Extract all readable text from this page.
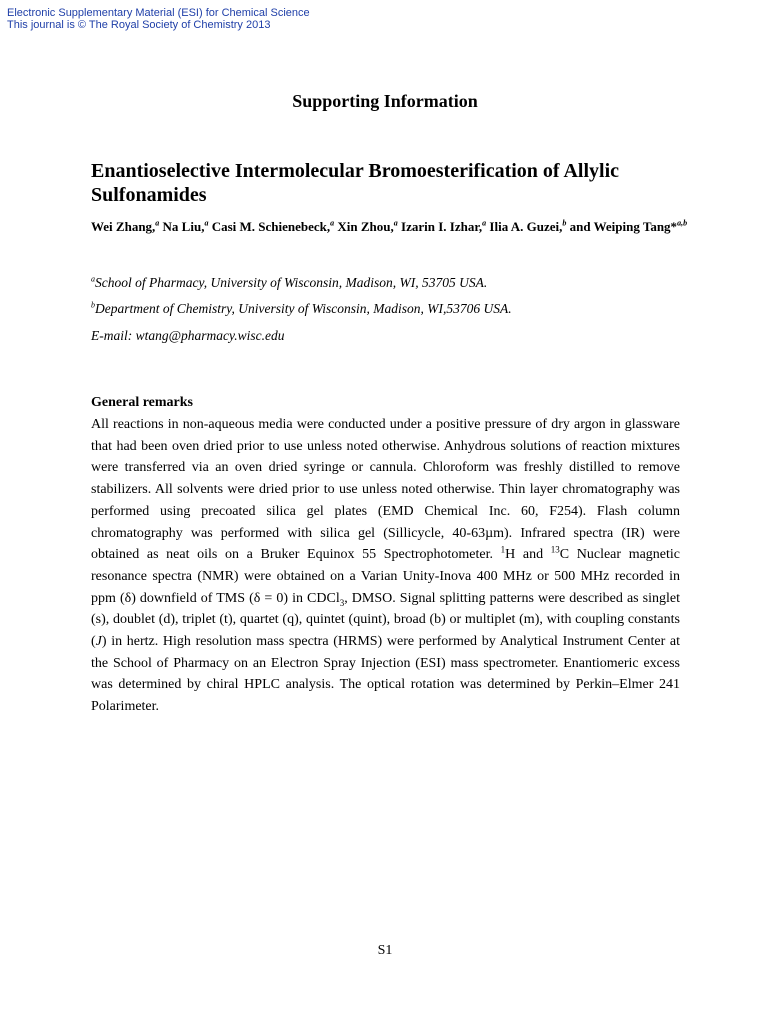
Electronic Supplementary Material (ESI) for Chemical Science
This journal is © The Royal Society of Chemistry 2013
Supporting Information
Enantioselective Intermolecular Bromoesterification of Allylic Sulfonamides
Wei Zhang,$^a$ Na Liu,$^a$ Casi M. Schienebeck,$^a$ Xin Zhou,$^a$ Izarin I. Izhar,$^a$ Ilia A. Guzei,$^b$ and Weiping Tang*$^{a,b}$
$^a$School of Pharmacy, University of Wisconsin, Madison, WI, 53705 USA.
$^b$Department of Chemistry, University of Wisconsin, Madison, WI,53706 USA.
E-mail: wtang@pharmacy.wisc.edu
General remarks
All reactions in non-aqueous media were conducted under a positive pressure of dry argon in glassware that had been oven dried prior to use unless noted otherwise. Anhydrous solutions of reaction mixtures were transferred via an oven dried syringe or cannula. Chloroform was freshly distilled to remove stabilizers. All solvents were dried prior to use unless noted otherwise. Thin layer chromatography was performed using precoated silica gel plates (EMD Chemical Inc. 60, F254). Flash column chromatography was performed with silica gel (Sillicycle, 40-63µm). Infrared spectra (IR) were obtained as neat oils on a Bruker Equinox 55 Spectrophotometer. $^1$H and $^{13}$C Nuclear magnetic resonance spectra (NMR) were obtained on a Varian Unity-Inova 400 MHz or 500 MHz recorded in ppm (δ) downfield of TMS (δ = 0) in CDCl$_3$, DMSO. Signal splitting patterns were described as singlet (s), doublet (d), triplet (t), quartet (q), quintet (quint), broad (b) or multiplet (m), with coupling constants (J) in hertz. High resolution mass spectra (HRMS) were performed by Analytical Instrument Center at the School of Pharmacy on an Electron Spray Injection (ESI) mass spectrometer. Enantiomeric excess was determined by chiral HPLC analysis. The optical rotation was determined by Perkin–Elmer 241 Polarimeter.
S1
